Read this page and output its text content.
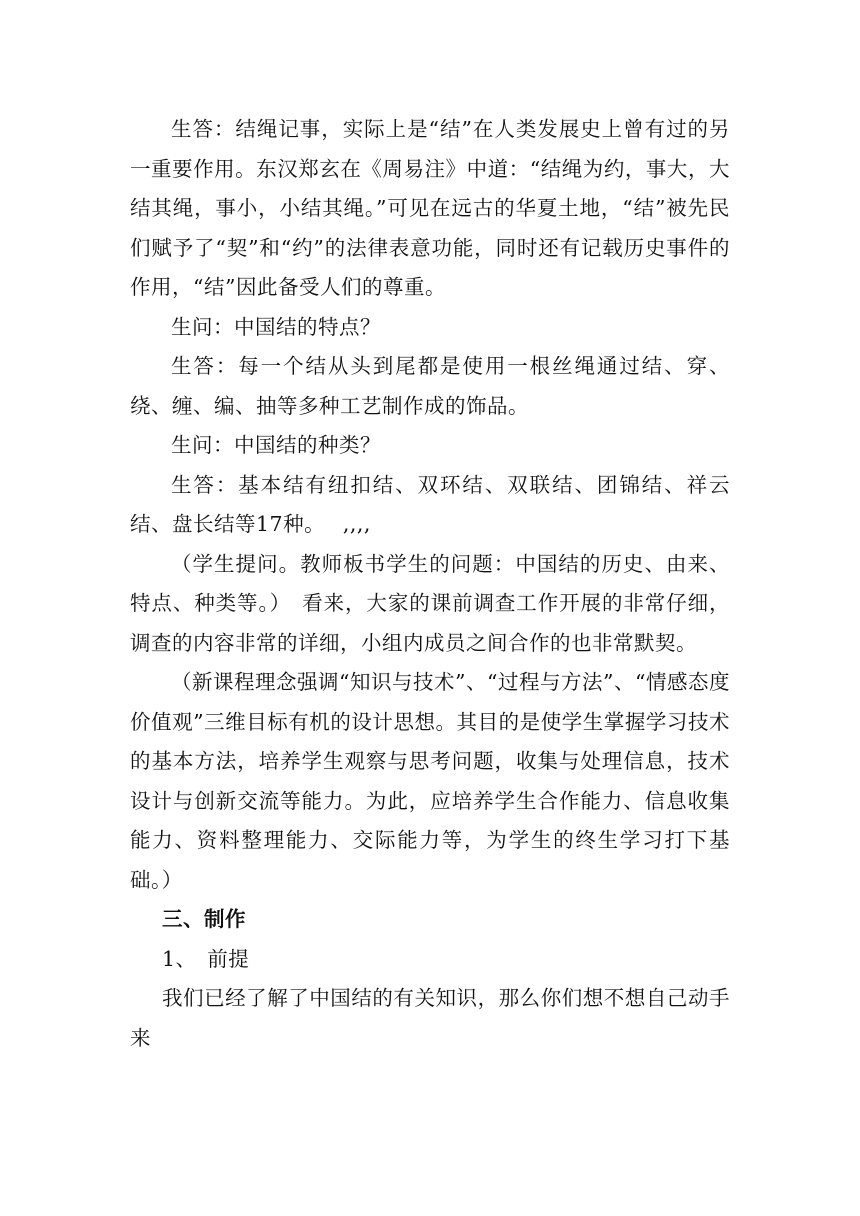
生答：结绳记事，实际上是“结”在人类发展史上曾有过的另一重要作用。东汉郑玄在《周易注》中道：“结绳为约，事大，大结其绳，事小，小结其绳。”可见在远古的华夏土地，“结”被先民们赋予了“契”和“约”的法律表意功能，同时还有记载历史事件的作用，“结”因此备受人们的尊重。

生问：中国结的特点？

生答：每一个结从头到尾都是使用一根丝绳通过结、穿、绕、缠、编、抽等多种工艺制作成的饰品。

生问：中国结的种类？

生答：基本结有纽扣结、双环结、双联结、团锦结、祥云结、盘长结等17种。　 ,,,,

（学生提问。教师板书学生的问题：中国结的历史、由来、特点、种类等。）　看来，大家的课前调查工作开展的非常仔细，调查的内容非常的详细，小组内成员之间合作的也非常默契。

（新课程理念强调“知识与技术”、“过程与方法”、“情感态度价值观”三维目标有机的设计思想。其目的是使学生掌握学习技术的基本方法，培养学生观察与思考问题，收集与处理信息，技术设计与创新交流等能力。为此，应培养学生合作能力、信息收集能力、资料整理能力、交际能力等，为学生的终生学习打下基础。）

三、制作

1、　前提

我们已经了解了中国结的有关知识，那么你们想不想自己动手来
